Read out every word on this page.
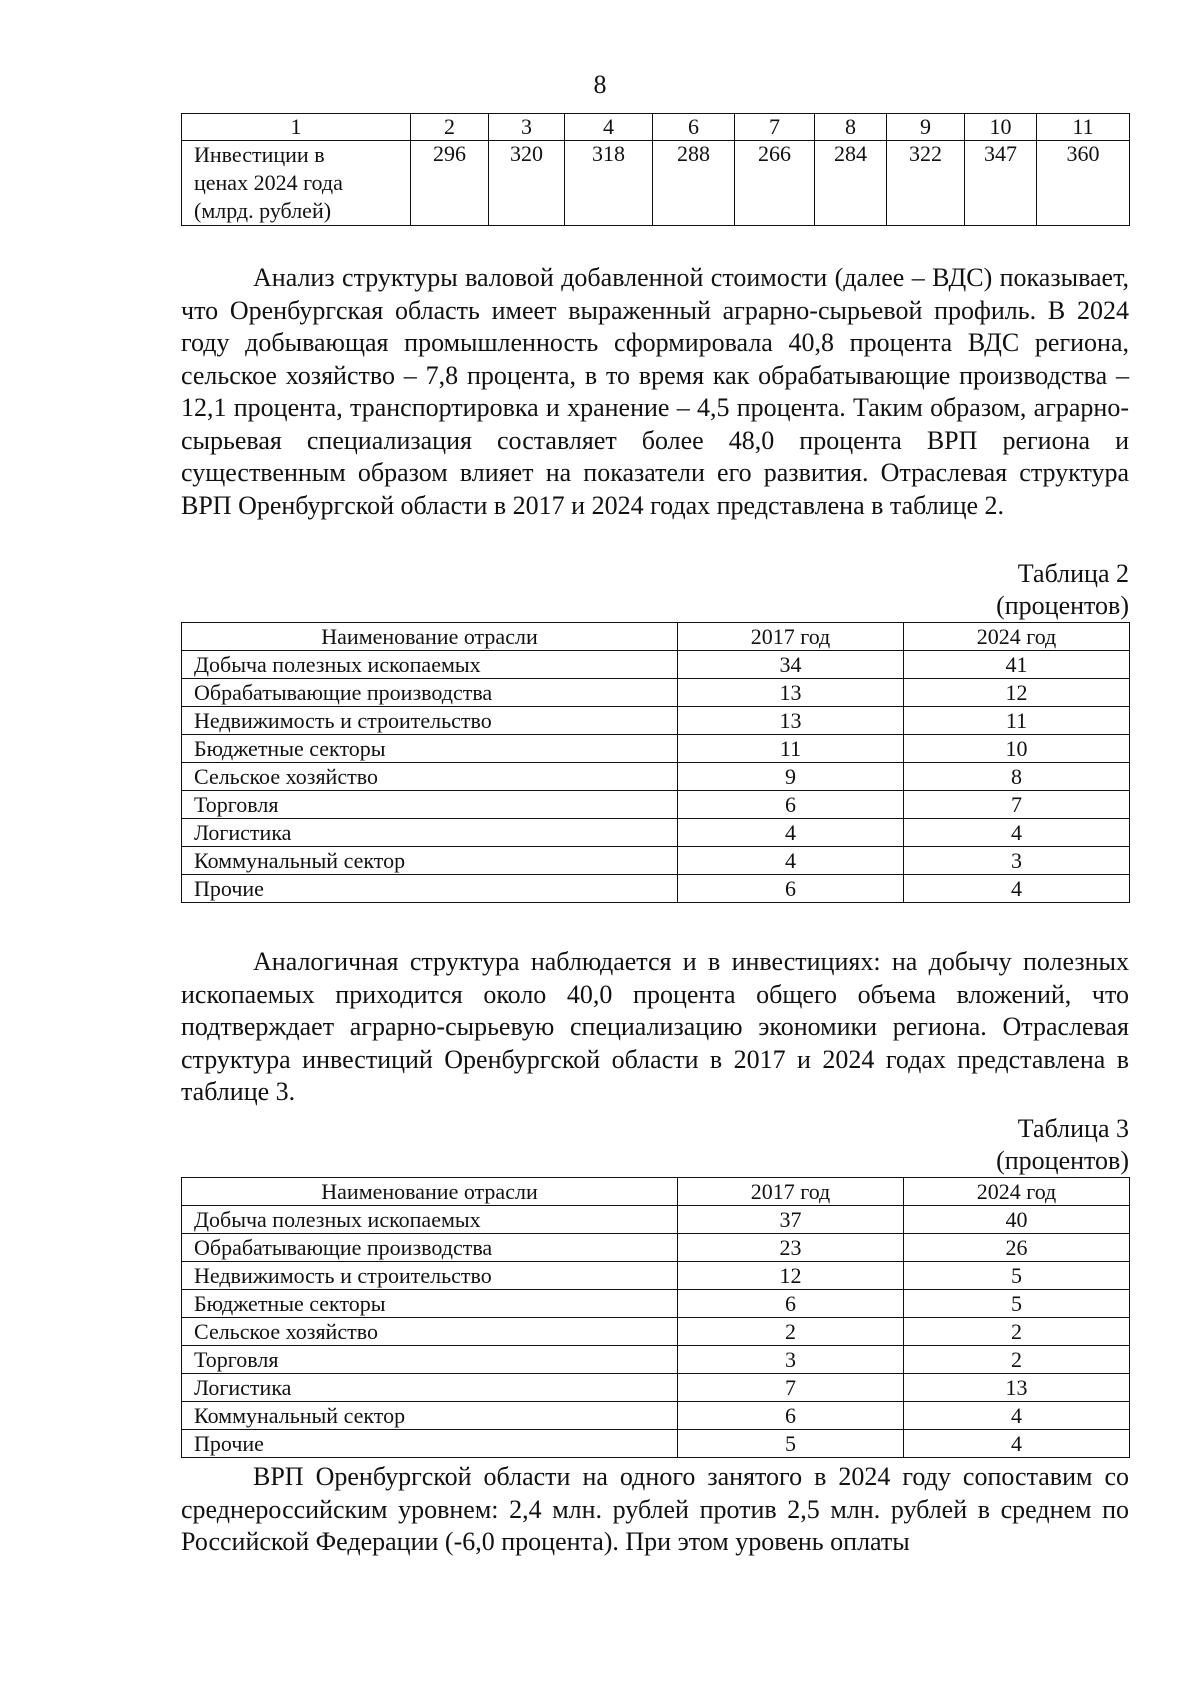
8
1	2	3	4	6	7	8	9	10	11

Инвестиции в
ценах 2024 года
(млрд. рублей)	296	320	318	288	266	284	322	347	360

Анализ структуры валовой добавленной стоимости (далее – ВДС) показывает, что Оренбургская область имеет выраженный аграрно-сырьевой профиль. В 2024 году добывающая промышленность сформировала 40,8 процента ВДС региона, сельское хозяйство – 7,8 процента, в то время как обрабатывающие производства – 12,1 процента, транспортировка и хранение – 4,5 процента. Таким образом, аграрно-сырьевая специализация составляет более 48,0 процента ВРП региона и существенным образом влияет на показатели его развития. Отраслевая структура ВРП Оренбургской области в 2017 и 2024 годах представлена в таблице 2.

Таблица 2
(процентов)
Наименование отрасли	2017 год	2024 год
Добыча полезных ископаемых	34	41
Обрабатывающие производства	13	12
Недвижимость и строительство	13	11
Бюджетные секторы	11	10
Сельское хозяйство	9	8
Торговля	6	7
Логистика	4	4
Коммунальный сектор	4	3
Прочие	6	4

Аналогичная структура наблюдается и в инвестициях: на добычу полезных ископаемых приходится около 40,0 процента общего объема вложений, что подтверждает аграрно-сырьевую специализацию экономики региона. Отраслевая структура инвестиций Оренбургской области в 2017 и 2024 годах представлена в таблице 3.

Таблица 3
(процентов)
Наименование отрасли	2017 год	2024 год
Добыча полезных ископаемых	37	40
Обрабатывающие производства	23	26
Недвижимость и строительство	12	5
Бюджетные секторы	6	5
Сельское хозяйство	2	2
Торговля	3	2
Логистика	7	13
Коммунальный сектор	6	4
Прочие	5	4

ВРП Оренбургской области на одного занятого в 2024 году сопоставим со среднероссийским уровнем: 2,4 млн. рублей против 2,5 млн. рублей в среднем по Российской Федерации (-6,0 процента). При этом уровень оплаты
